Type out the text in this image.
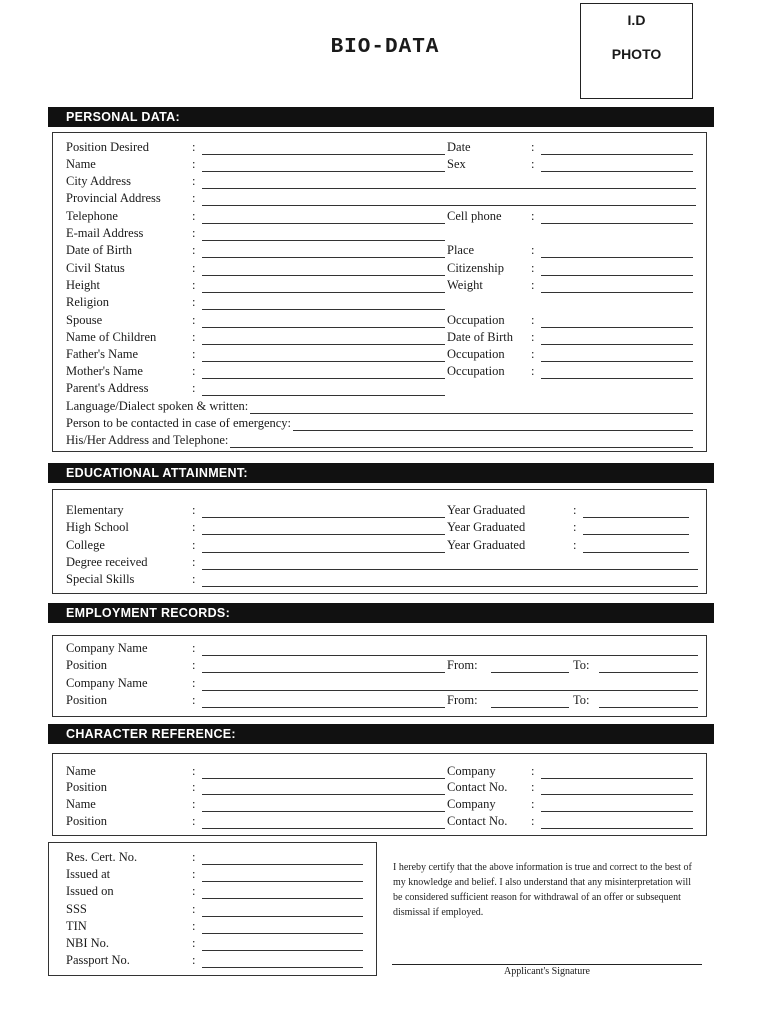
BIO-DATA
I.D
PHOTO
PERSONAL DATA:
Position Desired	:	Date	:
Name	:	Sex	:
City Address	:
Provincial Address	:
Telephone	:	Cell phone	:
E-mail Address	:
Date of Birth	:	Place	:
Civil Status	:	Citizenship	:
Height	:	Weight	:
Religion	:
Spouse	:	Occupation	:
Name of Children	:	Date of Birth	:
Father's Name	:	Occupation	:
Mother's Name	:	Occupation	:
Parent's Address	:
Language/Dialect spoken & written:
Person to be contacted in case of emergency:
His/Her Address and Telephone:
EDUCATIONAL ATTAINMENT:
Elementary	:	Year Graduated	:
High School	:	Year Graduated	:
College	:	Year Graduated	:
Degree received	:
Special Skills	:
EMPLOYMENT RECORDS:
Company Name	:
Position	:	From:	To:
Company Name	:
Position	:	From:	To:
CHARACTER REFERENCE:
Name	:	Company	:
Position	:	Contact No.	:
Name	:	Company	:
Position	:	Contact No.	:
Res. Cert. No.	:
Issued at	:
Issued on	:
SSS	:
TIN	:
NBI No.	:
Passport No.	:
I hereby certify that the above information is true and correct to the best of my knowledge and belief. I also understand that any misinterpretation will be considered sufficient reason for withdrawal of an offer or subsequent dismissal if employed.
Applicant's Signature
